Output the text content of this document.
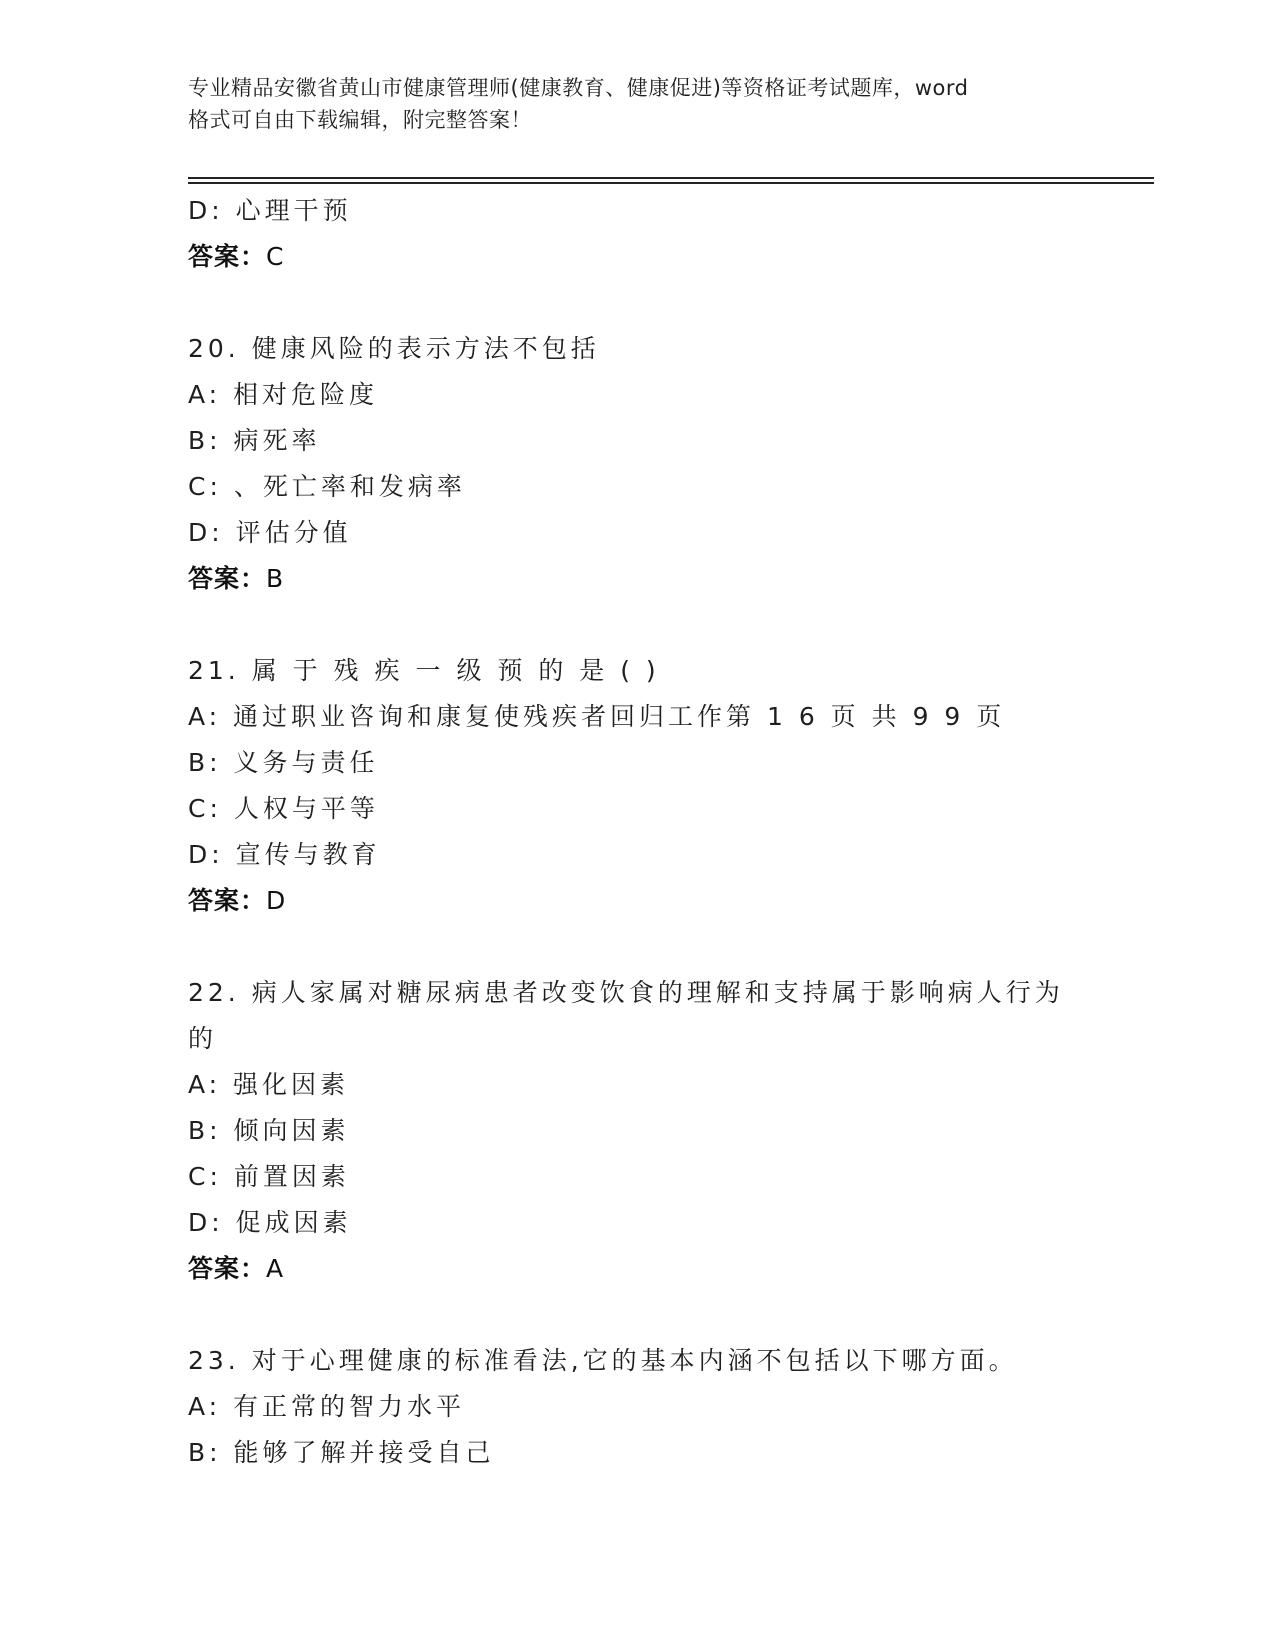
专业精品安徽省黄山市健康管理师(健康教育、健康促进)等资格证考试题库，word
格式可自由下载编辑，附完整答案！
D: 心理干预
答案：C
20. 健康风险的表示方法不包括
A: 相对危险度
B: 病死率
C: 、死亡率和发病率
D: 评估分值
答案：B
21. 属 于 残 疾 一 级 预 的 是 ( )
A: 通过职业咨询和康复使残疾者回归工作第 1 6 页 共 9 9 页
B: 义务与责任
C: 人权与平等
D: 宣传与教育
答案：D
22. 病人家属对糖尿病患者改变饮食的理解和支持属于影响病人行为的
A: 强化因素
B: 倾向因素
C: 前置因素
D: 促成因素
答案：A
23. 对于心理健康的标准看法,它的基本内涵不包括以下哪方面。
A: 有正常的智力水平
B: 能够了解并接受自己
